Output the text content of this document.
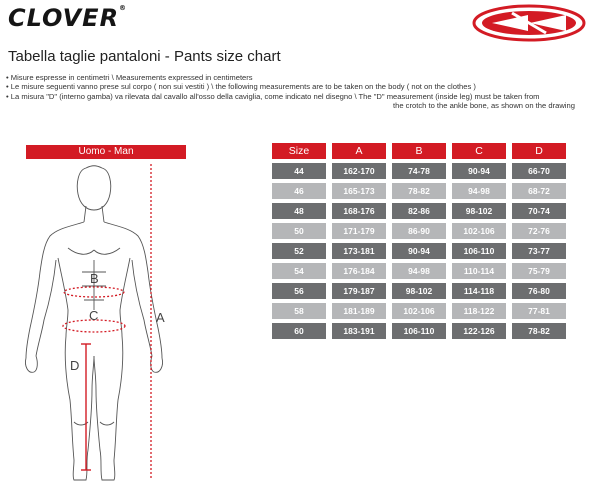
CLOVER®
Tabella taglie pantaloni - Pants size chart
• Misure espresse in centimetri \ Measurements expressed in centimeters
• Le misure seguenti vanno prese sul corpo ( non sui vestiti ) \ the following measurements are to be taken on the body ( not on the clothes )
• La misura "D" (interno gamba) va rilevata dal cavallo all'osso della caviglia, come indicato nel disegno \ The "D" measurement (inside leg) must be taken from
the crotch to the ankle bone, as shown on the drawing
Uomo - Man
A
B
C
D
Size	A	B	C	D
44	162-170	74-78	90-94	66-70
46	165-173	78-82	94-98	68-72
48	168-176	82-86	98-102	70-74
50	171-179	86-90	102-106	72-76
52	173-181	90-94	106-110	73-77
54	176-184	94-98	110-114	75-79
56	179-187	98-102	114-118	76-80
58	181-189	102-106	118-122	77-81
60	183-191	106-110	122-126	78-82
